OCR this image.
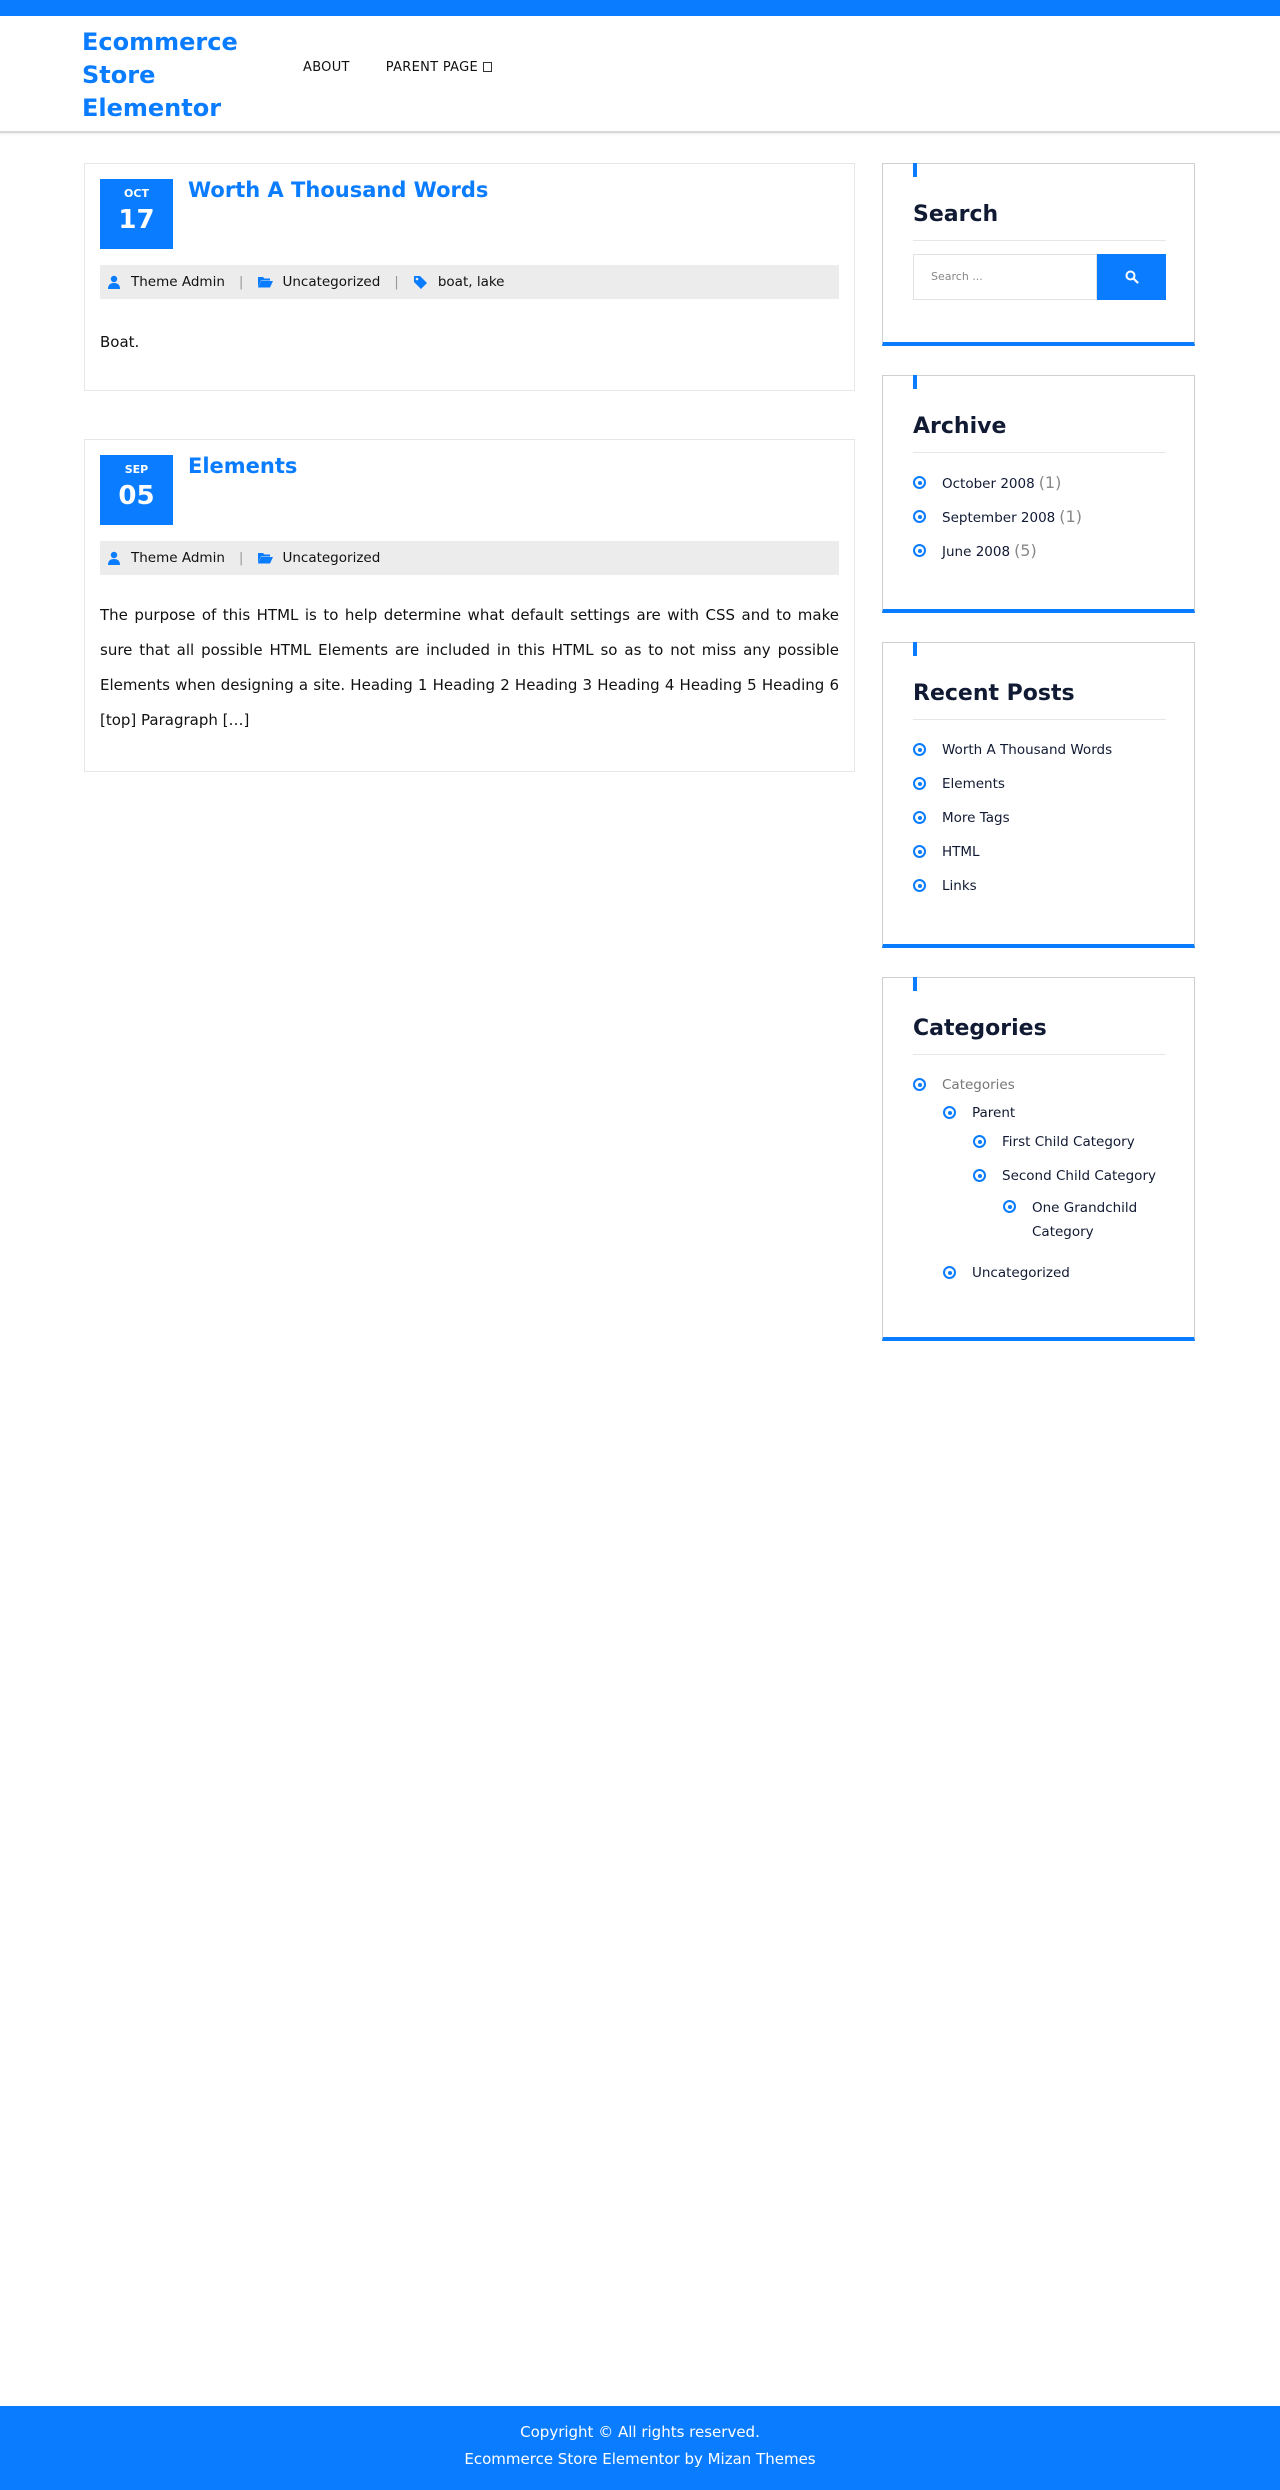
Ecommerce
Store
Elementor
ABOUT	PARENT PAGE
OCT
17
Worth A Thousand Words
Theme Admin |	Uncategorized |	boat, lake
Boat.
SEP
05
Elements
Theme Admin |	Uncategorized
The purpose of this HTML is to help determine what default settings are with CSS and to make sure that all possible HTML Elements are included in this HTML so as to not miss any possible Elements when designing a site. Heading 1 Heading 2 Heading 3 Heading 4 Heading 5 Heading 6 [top] Paragraph […]
Search
Search ...
Archive
October 2008 (1)
September 2008 (1)
June 2008 (5)
Recent Posts
Worth A Thousand Words
Elements
More Tags
HTML
Links
Categories
Categories
Parent
First Child Category
Second Child Category
One Grandchild
Category
Uncategorized
Copyright © All rights reserved.
Ecommerce Store Elementor by Mizan Themes
